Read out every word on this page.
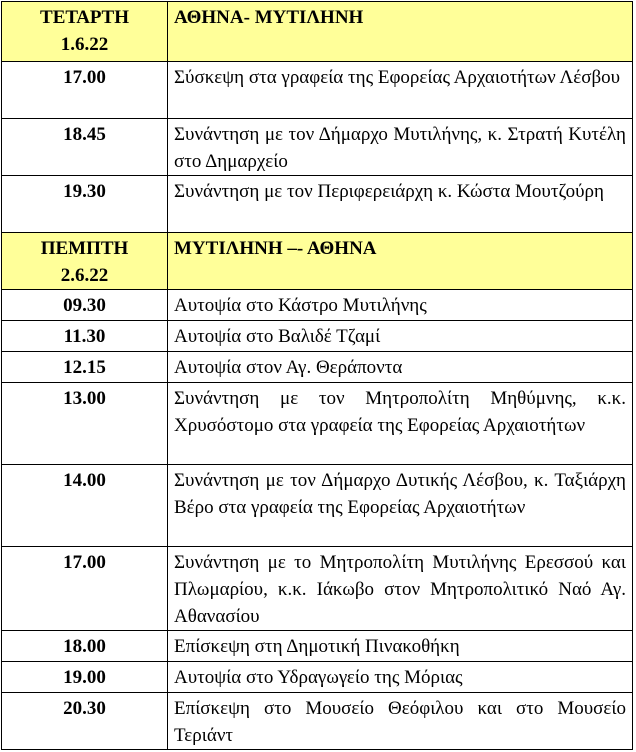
ΤΕΤΑΡΤΗ
1.6.22	ΑΘΗΝΑ- ΜΥΤΙΛΗΝΗ
17.00	Σύσκεψη στα γραφεία της Εφορείας Αρχαιοτήτων Λέσβου
18.45	Συνάντηση με τον Δήμαρχο Μυτιλήνης, κ. Στρατή Κυτέλη στο Δημαρχείο
19.30	Συνάντηση με τον Περιφερειάρχη κ. Κώστα Μουτζούρη

ΠΕΜΠΤΗ
2.6.22	ΜΥΤΙΛΗΝΗ –- ΑΘΗΝΑ
09.30	Αυτοψία στο Κάστρο Μυτιλήνης
11.30	Αυτοψία στο Βαλιδέ Τζαμί
12.15	Αυτοψία στον Αγ. Θεράποντα
13.00	Συνάντηση με τον Μητροπολίτη Μηθύμνης, κ.κ. Χρυσόστομο στα γραφεία της Εφορείας Αρχαιοτήτων
14.00	Συνάντηση με τον Δήμαρχο Δυτικής Λέσβου, κ. Ταξιάρχη Βέρο στα γραφεία της Εφορείας Αρχαιοτήτων
17.00	Συνάντηση με το Μητροπολίτη Μυτιλήνης Ερεσσού και Πλωμαρίου, κ.κ. Ιάκωβο στον Μητροπολιτικό Ναό Αγ. Αθανασίου
18.00	Επίσκεψη στη Δημοτική Πινακοθήκη
19.00	Αυτοψία στο Υδραγωγείο της Μόριας
20.30	Επίσκεψη στο Μουσείο Θεόφιλου και στο Μουσείο Τεριάντ
